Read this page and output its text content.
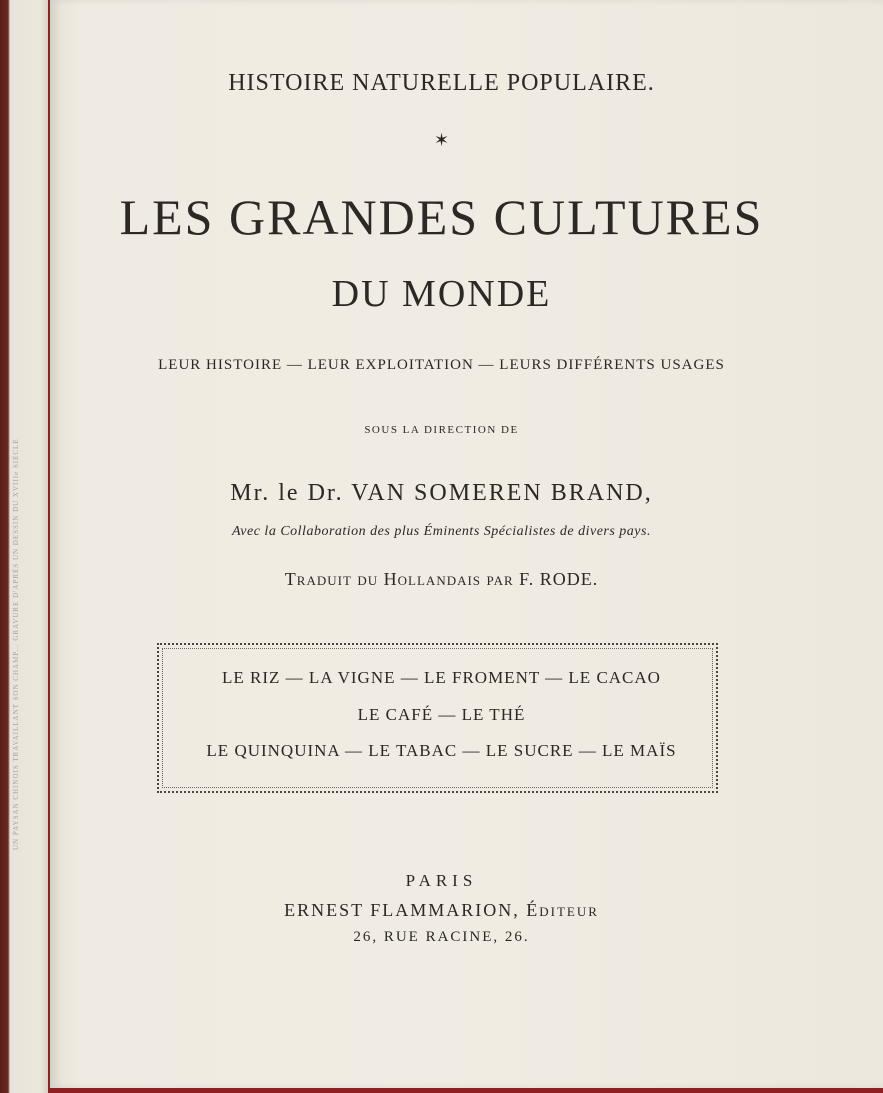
UN PAYSAN CHINOIS TRAVAILLANT SON CHAMP... GRAVURE D'APRÈS UN DESSIN DU XVIIIe SIÈCLE
HISTOIRE NATURELLE POPULAIRE.
✶
LES GRANDES CULTURES
DU MONDE
LEUR HISTOIRE — LEUR EXPLOITATION — LEURS DIFFÉRENTS USAGES
SOUS LA DIRECTION DE
Mr. le Dr. VAN SOMEREN BRAND,
Avec la Collaboration des plus Éminents Spécialistes de divers pays.
Traduit du Hollandais par F. RODE.
LE RIZ — LA VIGNE — LE FROMENT — LE CACAO
LE CAFÉ — LE THÉ
LE QUINQUINA — LE TABAC — LE SUCRE — LE MAÏS
PARIS
ERNEST FLAMMARION, Éditeur
26, RUE RACINE, 26.
